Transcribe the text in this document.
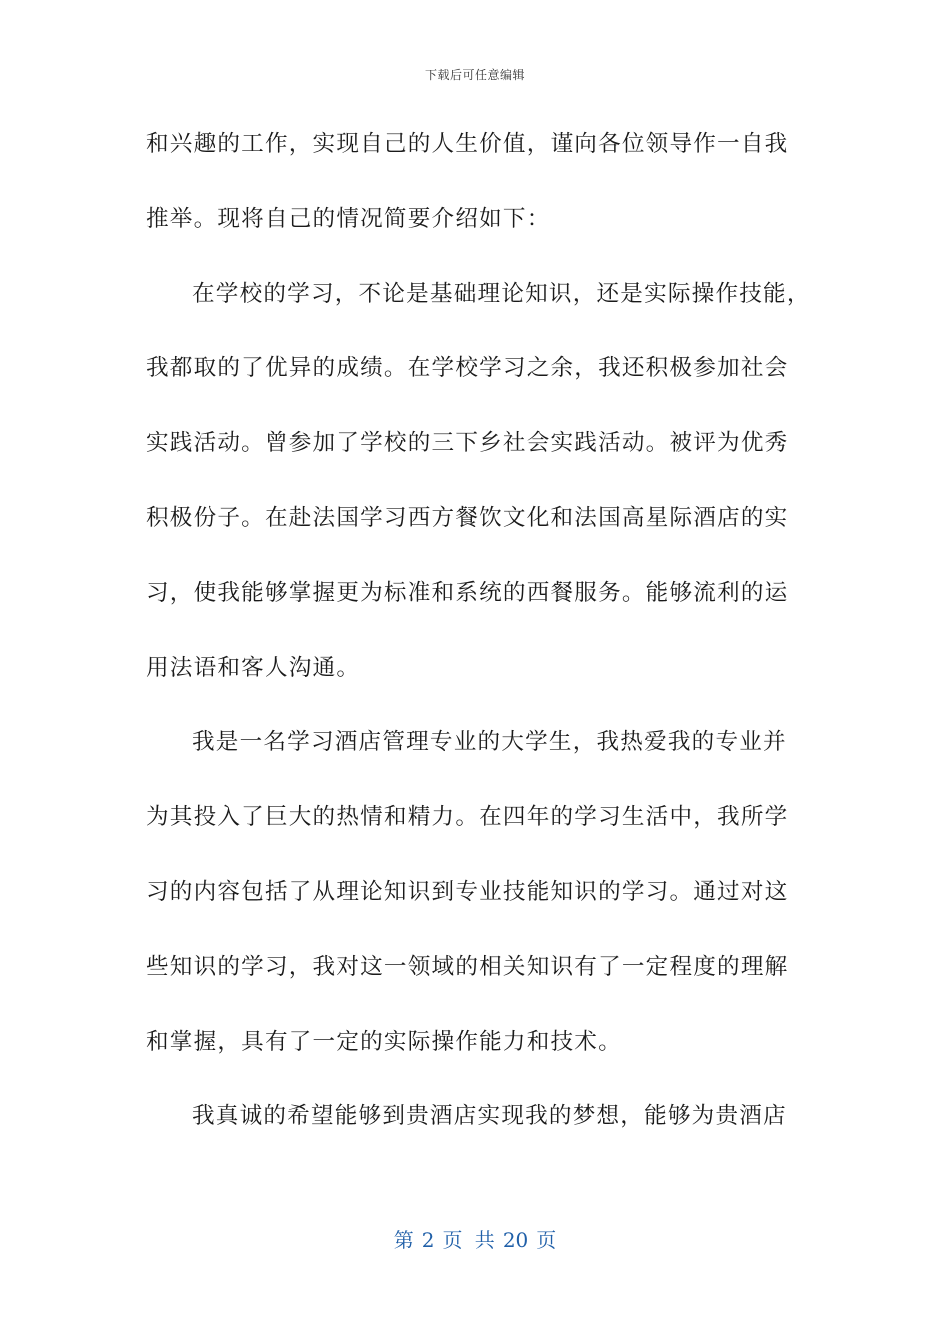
下载后可任意编辑
和兴趣的工作，实现自己的人生价值，谨向各位领导作一自我
推举。现将自己的情况简要介绍如下：
在学校的学习，不论是基础理论知识，还是实际操作技能，
我都取的了优异的成绩。在学校学习之余，我还积极参加社会
实践活动。曾参加了学校的三下乡社会实践活动。被评为优秀
积极份子。在赴法国学习西方餐饮文化和法国高星际酒店的实
习，使我能够掌握更为标准和系统的西餐服务。能够流利的运
用法语和客人沟通。
我是一名学习酒店管理专业的大学生，我热爱我的专业并
为其投入了巨大的热情和精力。在四年的学习生活中，我所学
习的内容包括了从理论知识到专业技能知识的学习。通过对这
些知识的学习，我对这一领域的相关知识有了一定程度的理解
和掌握，具有了一定的实际操作能力和技术。
我真诚的希望能够到贵酒店实现我的梦想，能够为贵酒店
第 2 页 共 20 页
